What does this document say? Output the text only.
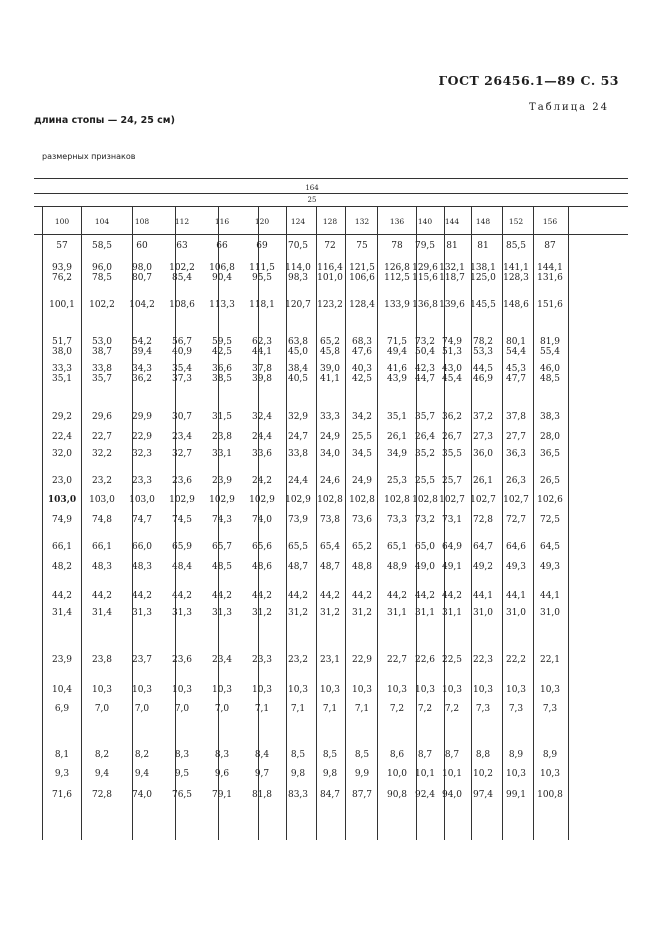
ГОСТ 26456.1—89 С. 53
Таблица 24
длина стопы — 24, 25 см)
размерных признаков
164
25
100	104	108	112	116	120	124	128	132	136	140	144	148	152	156
57	58,5	60	63	66	69	70,5	72	75	78	79,5	81	81	85,5	87
93,9	96,0	98,0	102,2	106,8	111,5	114,0 116,4 121,5	126,8 129,6 132,1 138,1 141,1 144,1
76,2	78,5	80,7	85,4	90,4	95,5	98,3	101,0 106,6	112,5 115,6 118,7 125,0 128,3 131,6
100,1	102,2	104,2	108,6	113,3	118,1	120,7 123,2 128,4	133,9 136,8 139,6 145,5 148,6 151,6
51,7	53,0	54,2	56,7	59,5	62,3	63,8	65,2	68,3	71,5 73,2 74,9	78,2	80,1	81,9
38,0	38,7	39,4	40,9	42,5	44,1	45,0	45,8	47,6	49,4 50,4 51,3	53,3	54,4	55,4
33,3	33,8	34,3	35,4	36,6	37,8	38,4	39,0	40,3	41,6 42,3 43,0	44,5	45,3	46,0
35,1	35,7	36,2	37,3	38,5	39,8	40,5	41,1	42,5	43,9 44,7 45,4	46,9	47,7	48,5
29,2	29,6	29,9	30,7	31,5	32,4	32,9	33,3	34,2	35,1 35,7 36,2	37,2	37,8	38,3
22,4	22,7	22,9	23,4	23,8	24,4	24,7	24,9	25,5	26,1 26,4 26,7	27,3	27,7	28,0
32,0	32,2	32,3	32,7	33,1	33,6	33,8	34,0	34,5	34,9 35,2 35,5	36,0	36,3	36,5
23,0	23,2	23,3	23,6	23,9	24,2	24,4	24,6	24,9	25,3 25,5 25,7	26,1	26,3	26,5
103,0	103,0	103,0	102,9	102,9	102,9	102,9 102,8 102,8	102,8 102,8 102,7 102,7 102,7 102,6
74,9	74,8	74,7	74,5	74,3	74,0	73,9	73,8	73,6	73,3 73,2 73,1	72,8	72,7	72,5
66,1	66,1	66,0	65,9	65,7	65,6	65,5	65,4	65,2	65,1 65,0 64,9	64,7	64,6	64,5
48,2	48,3	48,3	48,4	48,5	48,6	48,7	48,7	48,8	48,9 49,0 49,1	49,2	49,3	49,3
44,2	44,2	44,2	44,2	44,2	44,2	44,2	44,2	44,2	44,2 44,2 44,2	44,1	44,1	44,1
31,4	31,4	31,3	31,3	31,3	31,2	31,2	31,2	31,2	31,1 31,1 31,1	31,0	31,0	31,0
23,9	23,8	23,7	23,6	23,4	23,3	23,2	23,1	22,9	22,7 22,6 22,5	22,3	22,2	22,1
10,4	10,3	10,3	10,3	10,3	10,3	10,3	10,3	10,3	10,3 10,3 10,3	10,3	10,3	10,3
6,9	7,0	7,0	7,0	7,0	7,1	7,1	7,1	7,1	7,2	7,2	7,2	7,3	7,3	7,3
8,1	8,2	8,2	8,3	8,3	8,4	8,5	8,5	8,5	8,6	8,7	8,7	8,8	8,9	8,9
9,3	9,4	9,4	9,5	9,6	9,7	9,8	9,8	9,9	10,0 10,1 10,1	10,2	10,3	10,3
71,6	72,8	74,0	76,5	79,1	81,8	83,3	84,7	87,7	90,8 92,4 94,0	97,4	99,1	100,8
